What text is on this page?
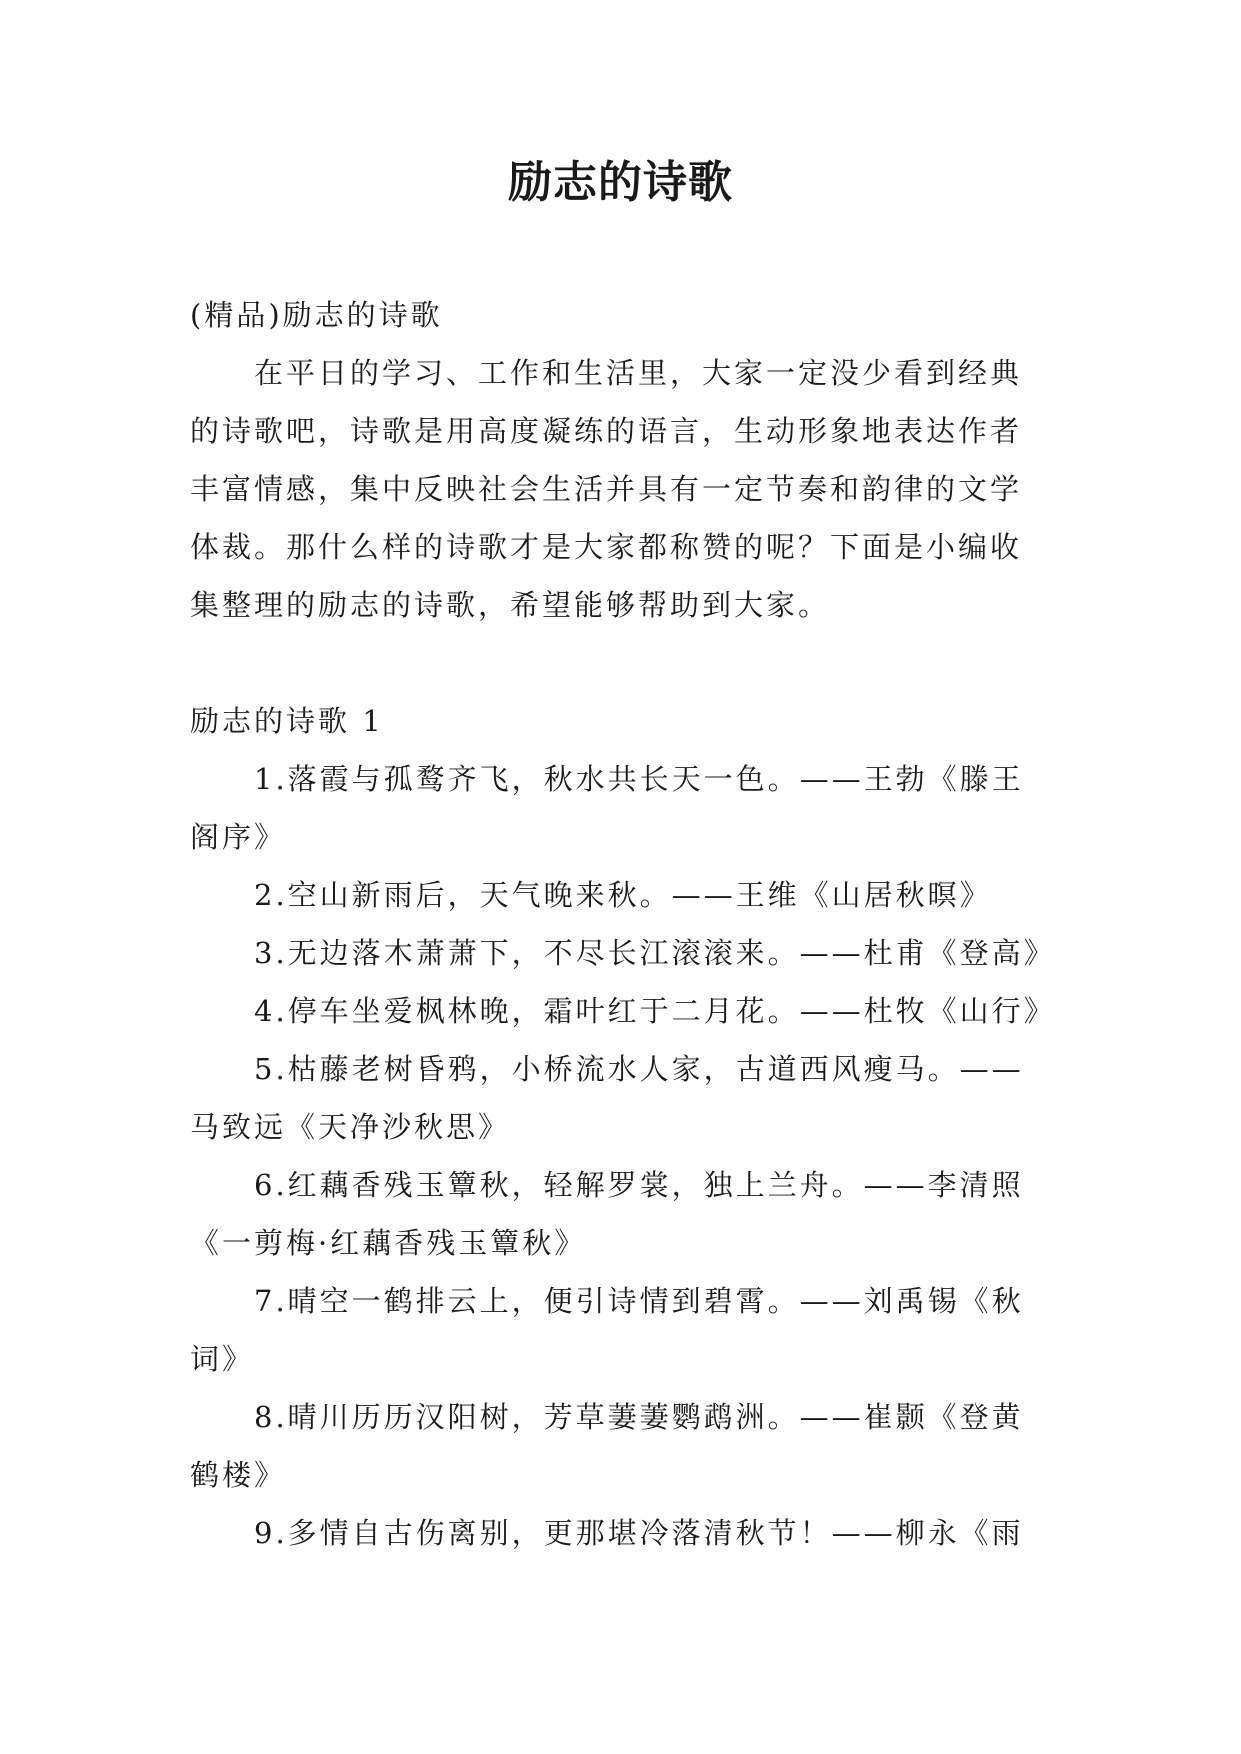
励志的诗歌

(精品)励志的诗歌

在平日的学习、工作和生活里，大家一定没少看到经典的诗歌吧，诗歌是用高度凝练的语言，生动形象地表达作者丰富情感，集中反映社会生活并具有一定节奏和韵律的文学体裁。那什么样的诗歌才是大家都称赞的呢？下面是小编收集整理的励志的诗歌，希望能够帮助到大家。

励志的诗歌 1

1.落霞与孤鹜齐飞，秋水共长天一色。——王勃《滕王阁序》

2.空山新雨后，天气晚来秋。——王维《山居秋暝》

3.无边落木萧萧下，不尽长江滚滚来。——杜甫《登高》

4.停车坐爱枫林晚，霜叶红于二月花。——杜牧《山行》

5.枯藤老树昏鸦，小桥流水人家，古道西风瘦马。——马致远《天净沙秋思》

6.红藕香残玉簟秋，轻解罗裳，独上兰舟。——李清照《一剪梅·红藕香残玉簟秋》

7.晴空一鹤排云上，便引诗情到碧霄。——刘禹锡《秋词》

8.晴川历历汉阳树，芳草萋萋鹦鹉洲。——崔颢《登黄鹤楼》

9.多情自古伤离别，更那堪冷落清秋节！——柳永《雨
